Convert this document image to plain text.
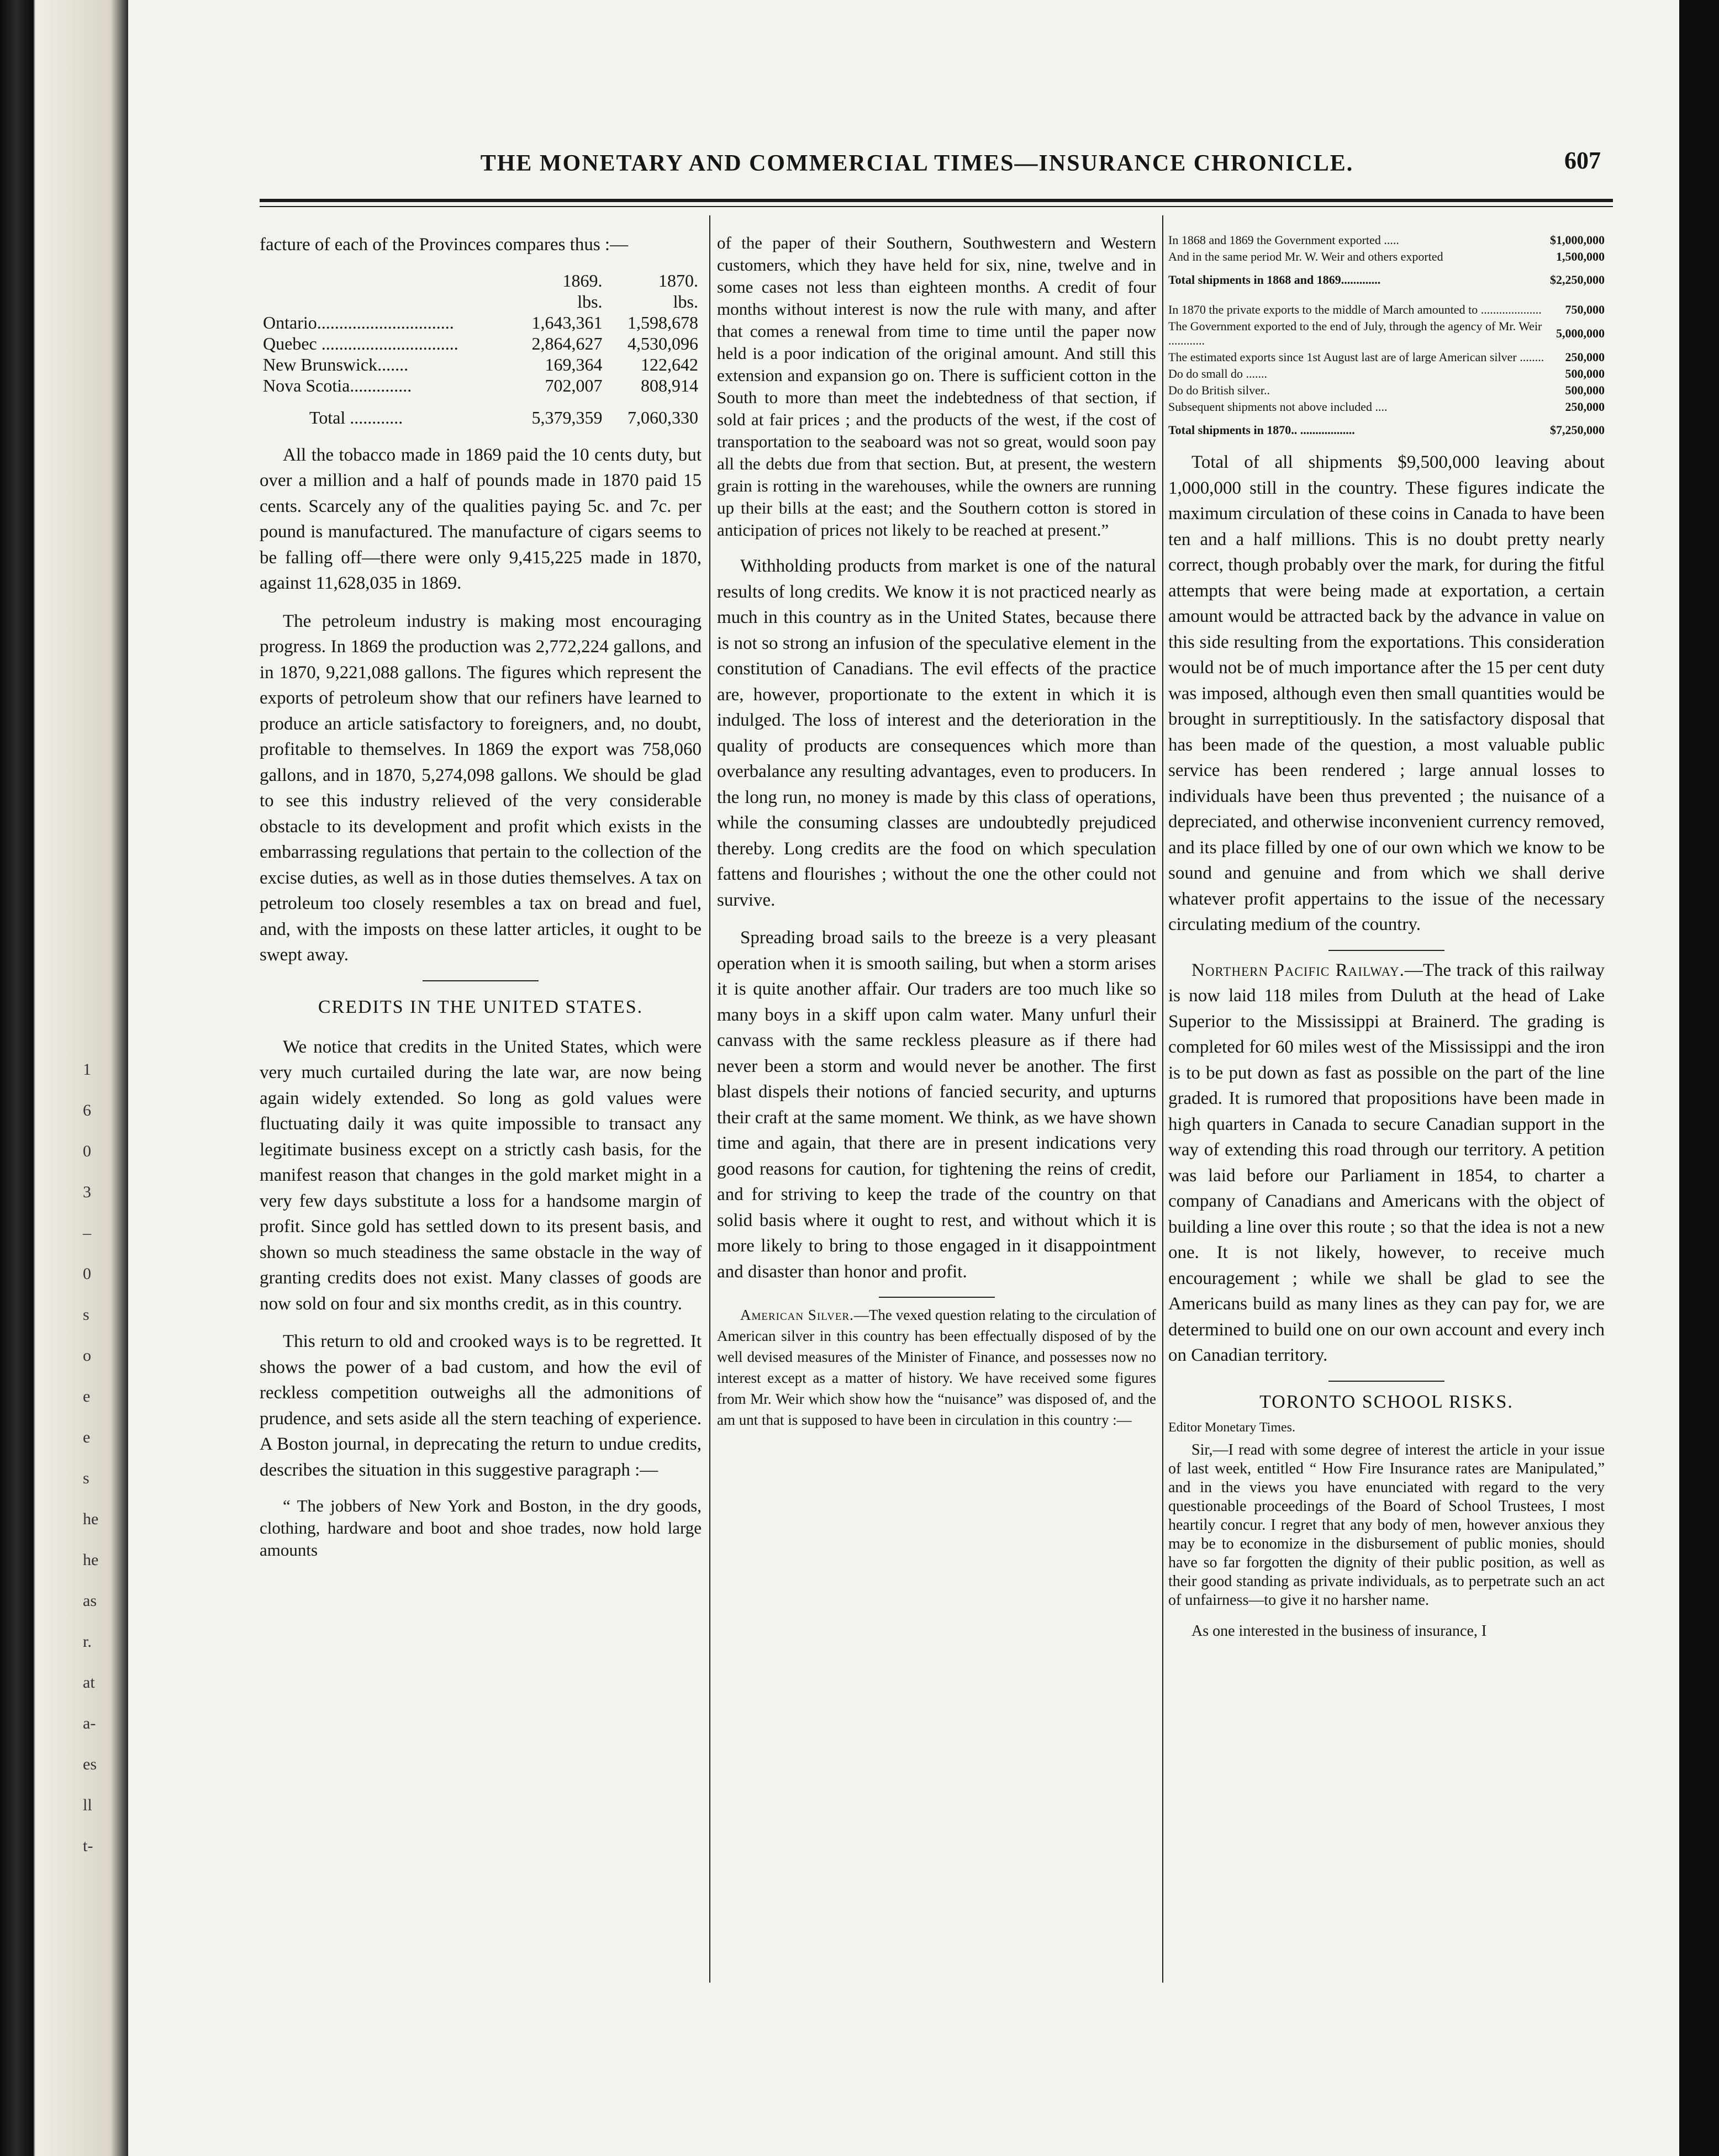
1
6
0
3
–
0
s
o
e
e
s
he
he
as
r.
at
a-
es
ll
t-
THE MONETARY AND COMMERCIAL TIMES—INSURANCE CHRONICLE.	607

facture of each of the Provinces compares thus :—

	1869.	1870.
	lbs.	lbs.
Ontario...............................	1,643,361	1,598,678
Quebec ...............................	2,864,627	4,530,096
New Brunswick.......	169,364	122,642
Nova Scotia..............	702,007	808,914
Total ............	5,379,359	7,060,330

All the tobacco made in 1869 paid the 10 cents duty, but over a million and a half of pounds made in 1870 paid 15 cents. Scarcely any of the qualities paying 5c. and 7c. per pound is manufactured. The manufacture of cigars seems to be falling off—there were only 9,415,225 made in 1870, against 11,628,035 in 1869.

The petroleum industry is making most encouraging progress. In 1869 the production was 2,772,224 gallons, and in 1870, 9,221,088 gallons. The figures which represent the exports of petroleum show that our refiners have learned to produce an article satisfactory to foreigners, and, no doubt, profitable to themselves. In 1869 the export was 758,060 gallons, and in 1870, 5,274,098 gallons. We should be glad to see this industry relieved of the very considerable obstacle to its development and profit which exists in the embarrassing regulations that pertain to the collection of the excise duties, as well as in those duties themselves. A tax on petroleum too closely resembles a tax on bread and fuel, and, with the imposts on these latter articles, it ought to be swept away.

CREDITS IN THE UNITED STATES.

We notice that credits in the United States, which were very much curtailed during the late war, are now being again widely extended. So long as gold values were fluctuating daily it was quite impossible to transact any legitimate business except on a strictly cash basis, for the manifest reason that changes in the gold market might in a very few days substitute a loss for a handsome margin of profit. Since gold has settled down to its present basis, and shown so much steadiness the same obstacle in the way of granting credits does not exist. Many classes of goods are now sold on four and six months credit, as in this country.

This return to old and crooked ways is to be regretted. It shows the power of a bad custom, and how the evil of reckless competition outweighs all the admonitions of prudence, and sets aside all the stern teaching of experience. A Boston journal, in deprecating the return to undue credits, describes the situation in this suggestive paragraph :—

“ The jobbers of New York and Boston, in the dry goods, clothing, hardware and boot and shoe trades, now hold large amounts

of the paper of their Southern, Southwestern and Western customers, which they have held for six, nine, twelve and in some cases not less than eighteen months. A credit of four months without interest is now the rule with many, and after that comes a renewal from time to time until the paper now held is a poor indication of the original amount. And still this extension and expansion go on. There is sufficient cotton in the South to more than meet the indebtedness of that section, if sold at fair prices ; and the products of the west, if the cost of transportation to the seaboard was not so great, would soon pay all the debts due from that section. But, at present, the western grain is rotting in the warehouses, while the owners are running up their bills at the east; and the Southern cotton is stored in anticipation of prices not likely to be reached at present.”

Withholding products from market is one of the natural results of long credits. We know it is not practiced nearly as much in this country as in the United States, because there is not so strong an infusion of the speculative element in the constitution of Canadians. The evil effects of the practice are, however, proportionate to the extent in which it is indulged. The loss of interest and the deterioration in the quality of products are consequences which more than overbalance any resulting advantages, even to producers. In the long run, no money is made by this class of operations, while the consuming classes are undoubtedly prejudiced thereby. Long credits are the food on which speculation fattens and flourishes ; without the one the other could not survive.

Spreading broad sails to the breeze is a very pleasant operation when it is smooth sailing, but when a storm arises it is quite another affair. Our traders are too much like so many boys in a skiff upon calm water. Many unfurl their canvass with the same reckless pleasure as if there had never been a storm and would never be another. The first blast dispels their notions of fancied security, and upturns their craft at the same moment. We think, as we have shown time and again, that there are in present indications very good reasons for caution, for tightening the reins of credit, and for striving to keep the trade of the country on that solid basis where it ought to rest, and without which it is more likely to bring to those engaged in it disappointment and disaster than honor and profit.

American Silver.—The vexed question relating to the circulation of American silver in this country has been effectually disposed of by the well devised measures of the Minister of Finance, and possesses now no interest except as a matter of history. We have received some figures from Mr. Weir which show how the “nuisance” was disposed of, and the am unt that is supposed to have been in circulation in this country :—

In 1868 and 1869 the Government exported .....	$1,000,000
And in the same period Mr. W. Weir and others exported	1,500,000
Total shipments in 1868 and 1869.............	$2,250,000
In 1870 the private exports to the middle of March amounted to ....................	750,000
The Government exported to the end of July, through the agency of Mr. Weir ............	5,000,000
The estimated exports since 1st August last are of large American silver ........	250,000
Do do small do .......	500,000
Do do British silver..	500,000
Subsequent shipments not above included ....	250,000
Total shipments in 1870.. ..................	$7,250,000

Total of all shipments $9,500,000 leaving about 1,000,000 still in the country. These figures indicate the maximum circulation of these coins in Canada to have been ten and a half millions. This is no doubt pretty nearly correct, though probably over the mark, for during the fitful attempts that were being made at exportation, a certain amount would be attracted back by the advance in value on this side resulting from the exportations. This consideration would not be of much importance after the 15 per cent duty was imposed, although even then small quantities would be brought in surreptitiously. In the satisfactory disposal that has been made of the question, a most valuable public service has been rendered ; large annual losses to individuals have been thus prevented ; the nuisance of a depreciated, and otherwise inconvenient currency removed, and its place filled by one of our own which we know to be sound and genuine and from which we shall derive whatever profit appertains to the issue of the necessary circulating medium of the country.

Northern Pacific Railway.—The track of this railway is now laid 118 miles from Duluth at the head of Lake Superior to the Mississippi at Brainerd. The grading is completed for 60 miles west of the Mississippi and the iron is to be put down as fast as possible on the part of the line graded. It is rumored that propositions have been made in high quarters in Canada to secure Canadian support in the way of extending this road through our territory. A petition was laid before our Parliament in 1854, to charter a company of Canadians and Americans with the object of building a line over this route ; so that the idea is not a new one. It is not likely, however, to receive much encouragement ; while we shall be glad to see the Americans build as many lines as they can pay for, we are determined to build one on our own account and every inch on Canadian territory.

TORONTO SCHOOL RISKS.
Editor Monetary Times.

Sir,—I read with some degree of interest the article in your issue of last week, entitled “ How Fire Insurance rates are Manipulated,” and in the views you have enunciated with regard to the very questionable proceedings of the Board of School Trustees, I most heartily concur. I regret that any body of men, however anxious they may be to economize in the disbursement of public monies, should have so far forgotten the dignity of their public position, as well as their good standing as private individuals, as to perpetrate such an act of unfairness—to give it no harsher name.

As one interested in the business of insurance, I
